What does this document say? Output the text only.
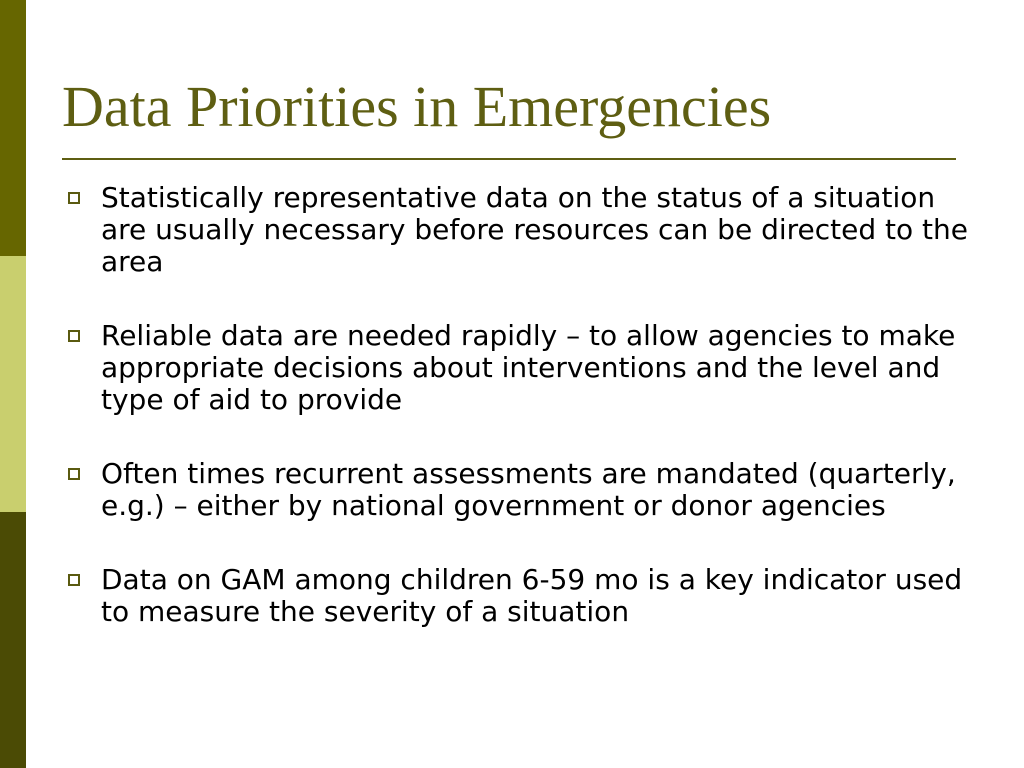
Data Priorities in Emergencies
Statistically representative data on the status of a situation are usually necessary before resources can be directed to the area
Reliable data are needed rapidly – to allow agencies to make appropriate decisions about interventions and the level and type of aid to provide
Often times recurrent assessments are mandated (quarterly, e.g.) – either by national government or donor agencies
Data on GAM among children 6-59 mo is a key indicator used to measure the severity of a situation
